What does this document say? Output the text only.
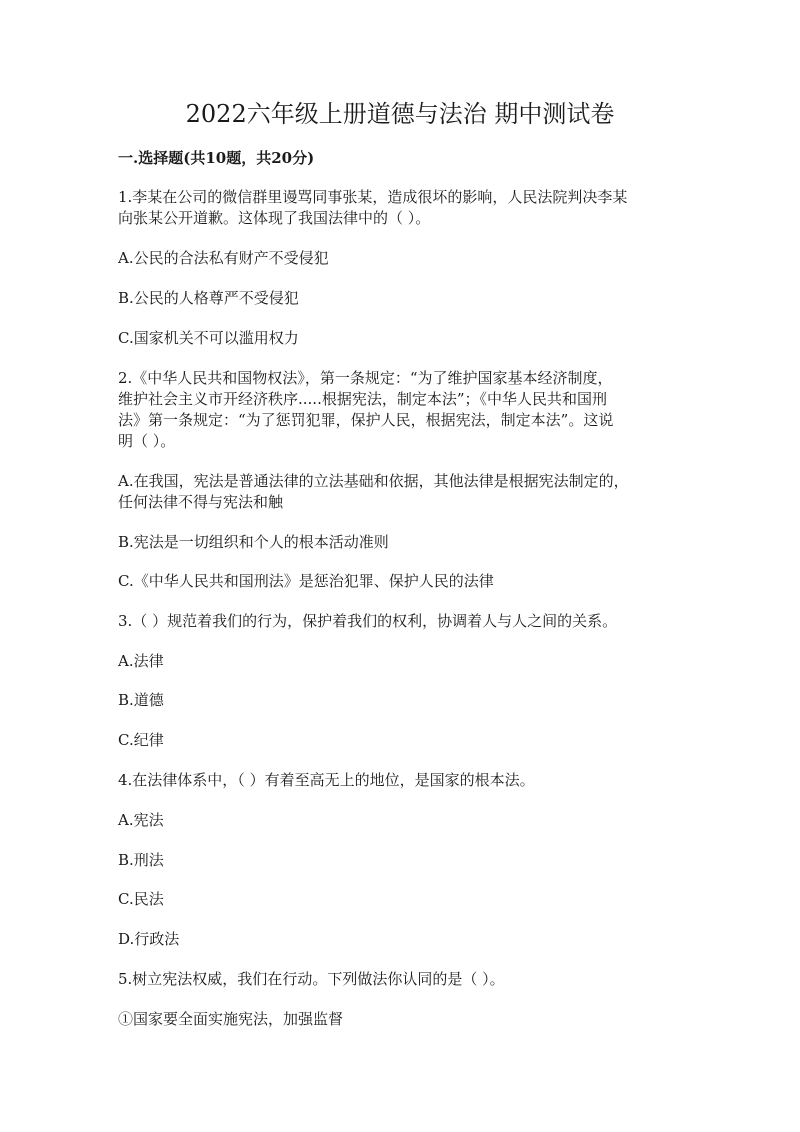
2022六年级上册道德与法治 期中测试卷
一.选择题(共10题，共20分)
1.李某在公司的微信群里谩骂同事张某，造成很坏的影响，人民法院判决李某
向张某公开道歉。这体现了我国法律中的（ ）。
A.公民的合法私有财产不受侵犯
B.公民的人格尊严不受侵犯
C.国家机关不可以滥用权力
2.《中华人民共和国物权法》，第一条规定：“为了维护国家基本经济制度，
维护社会主义市开经济秩序.....根据宪法，制定本法”；《中华人民共和国刑
法》第一条规定：“为了惩罚犯罪，保护人民，根据宪法，制定本法”。这说
明（ ）。
A.在我国，宪法是普通法律的立法基础和依据，其他法律是根据宪法制定的，
任何法律不得与宪法和触
B.宪法是一切组织和个人的根本活动准则
C.《中华人民共和国刑法》是惩治犯罪、保护人民的法律
3.（ ）规范着我们的行为，保护着我们的权利，协调着人与人之间的关系。
A.法律
B.道德
C.纪律
4.在法律体系中，（ ）有着至高无上的地位，是国家的根本法。
A.宪法
B.刑法
C.民法
D.行政法
5.树立宪法权威，我们在行动。下列做法你认同的是（ ）。
①国家要全面实施宪法，加强监督
